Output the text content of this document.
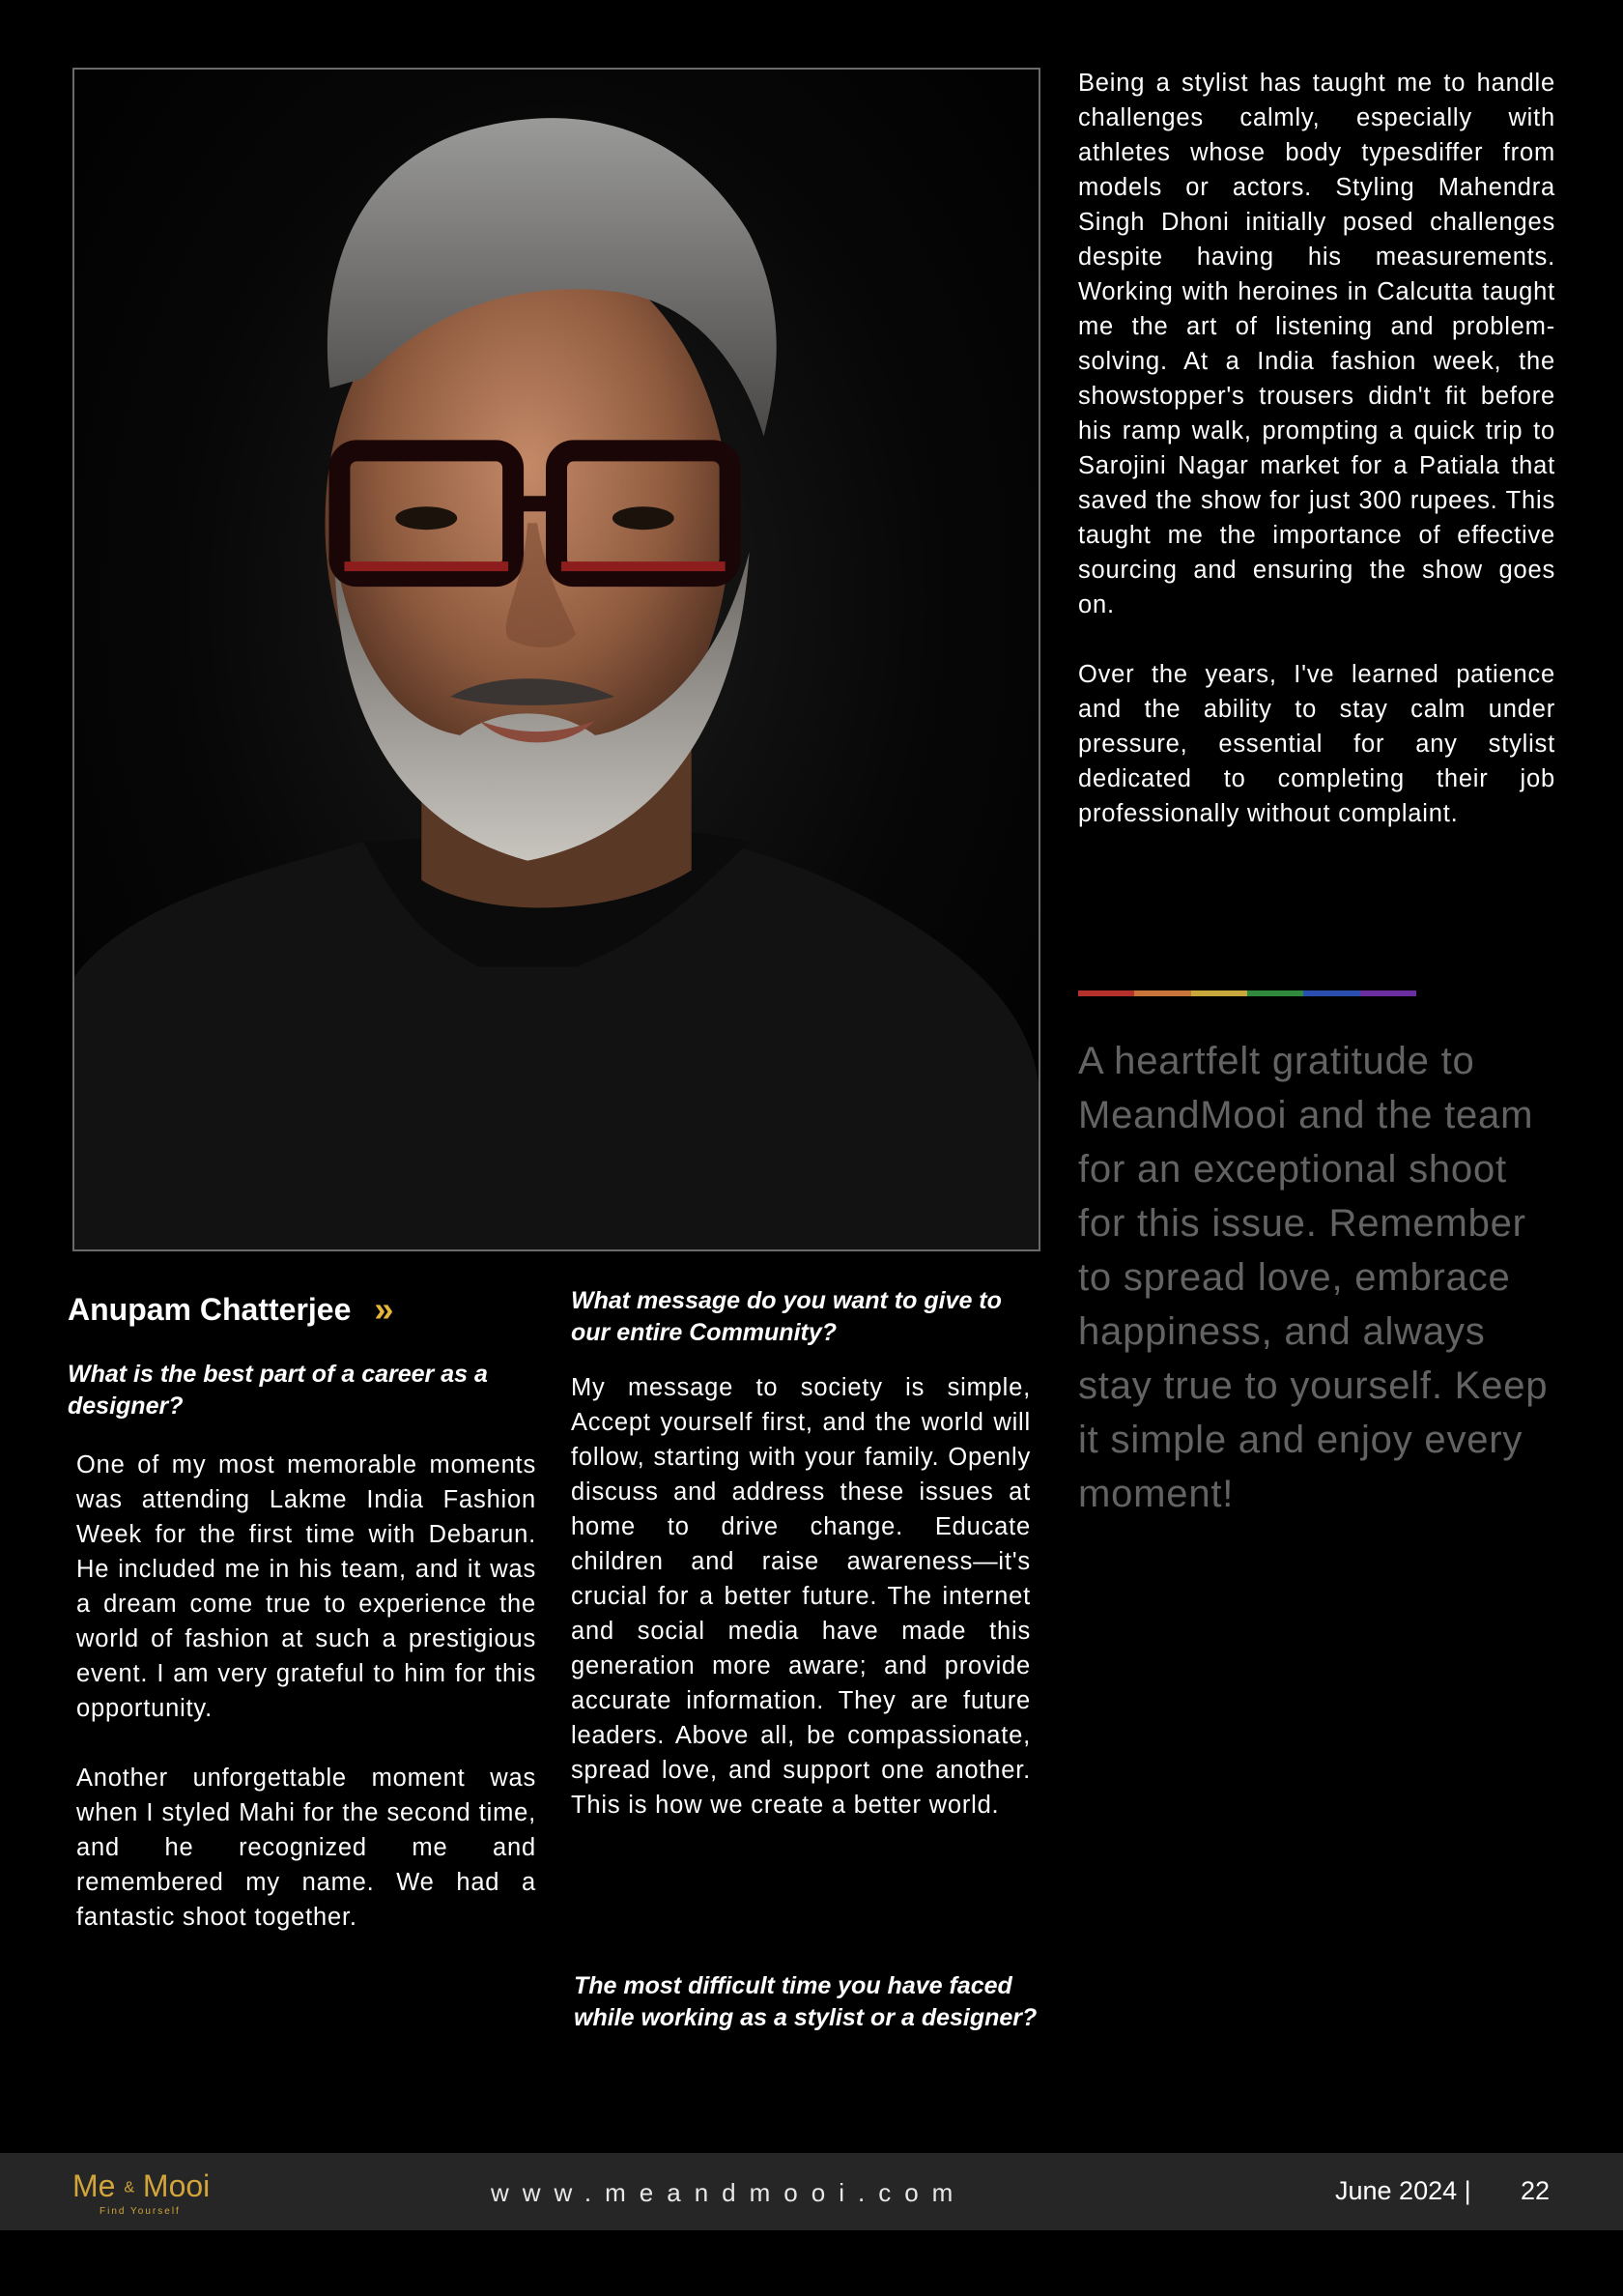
Anupam Chatterjee »
What is the best part of a career as a designer?

One of my most memorable moments was attending Lakme India Fashion Week for the first time with Debarun. He included me in his team, and it was a dream come true to experience the world of fashion at such a prestigious event. I am very grateful to him for this opportunity.

Another unforgettable moment was when I styled Mahi for the second time, and he recognized me and remembered my name. We had a fantastic shoot together.

What message do you want to give to our entire Community?

My message to society is simple, Accept yourself first, and the world will follow, starting with your family. Openly discuss and address these issues at home to drive change. Educate children and raise awareness—it's crucial for a better future. The internet and social media have made this generation more aware; and provide accurate information. They are future leaders. Above all, be compassionate, spread love, and support one another. This is how we create a better world.

The most difficult time you have faced while working as a stylist or a designer?

Being a stylist has taught me to handle challenges calmly, especially with athletes whose body typesdiffer from models or actors. Styling Mahendra Singh Dhoni initially posed challenges despite having his measurements. Working with heroines in Calcutta taught me the art of listening and problem-solving. At a India fashion week, the showstopper's trousers didn't fit before his ramp walk, prompting a quick trip to Sarojini Nagar market for a Patiala that saved the show for just 300 rupees. This taught me the importance of effective sourcing and ensuring the show goes on.

Over the years, I've learned patience and the ability to stay calm under pressure, essential for any stylist dedicated to completing their job professionally without complaint.

A heartfelt gratitude to MeandMooi and the team for an exceptional shoot for this issue. Remember to spread love, embrace happiness, and always stay true to yourself. Keep it simple and enjoy every moment!
Me & Mooi
Find Yourself
www.meandmooi.com	June 2024 | 22
